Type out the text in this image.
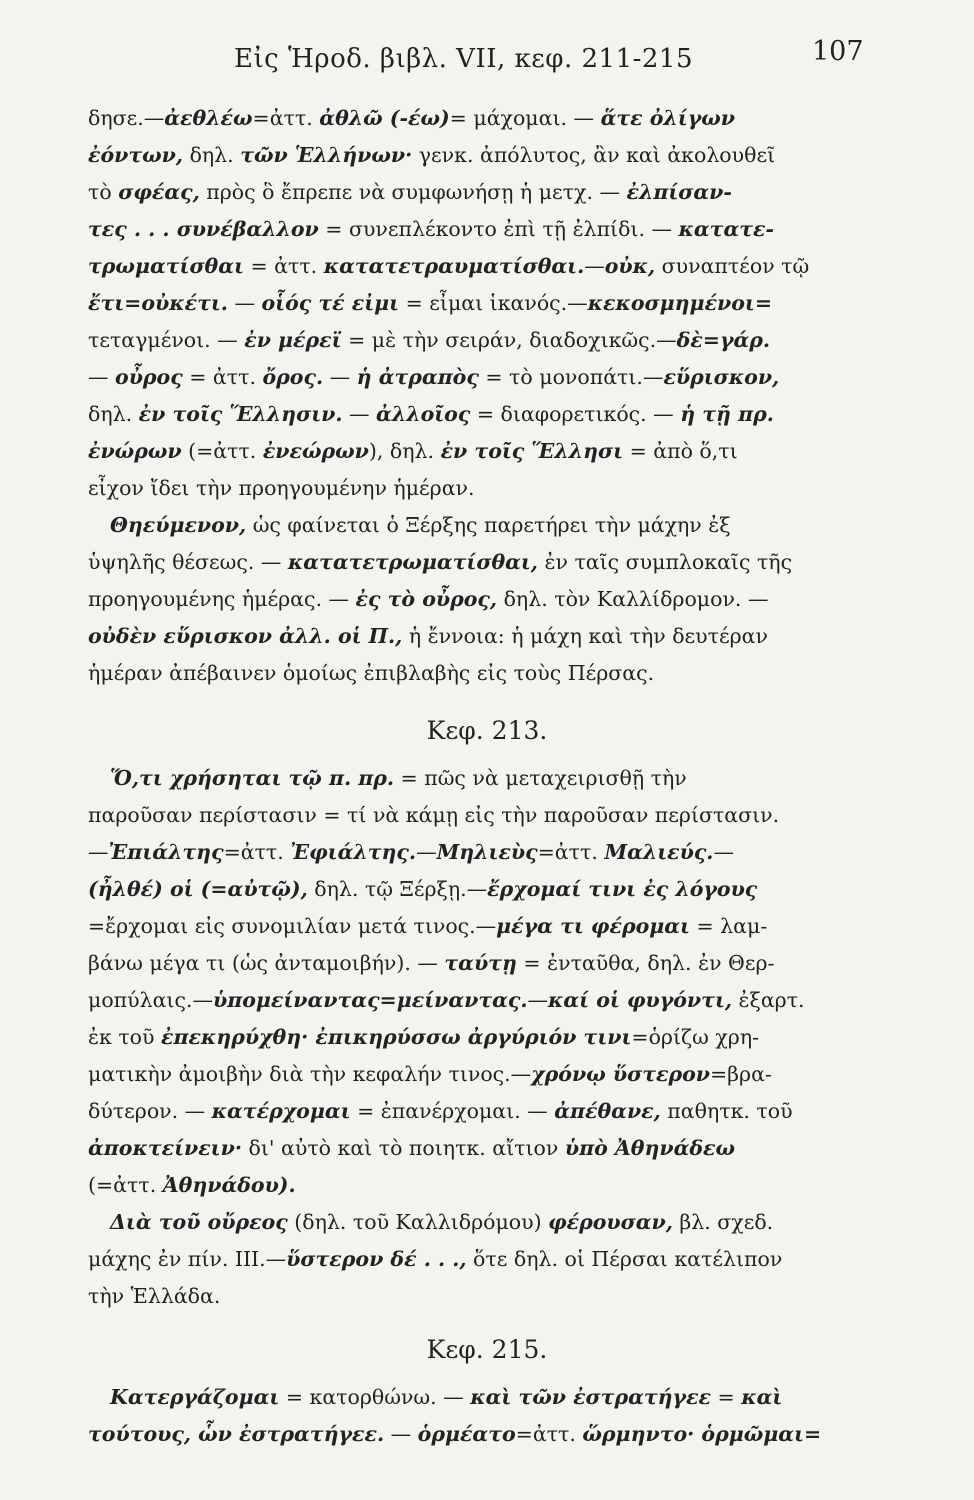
Εἰς Ἡροδ. βιβλ. VII, κεφ. 211-215	107
δησε.—ἀεθλέω=ἀττ. ἀθλῶ (-έω)= μάχομαι. — ἅτε ὀλίγων
ἐόντων, δηλ. τῶν Ἑλλήνων· γενκ. ἀπόλυτος, ἂν καὶ ἀκολουθεῖ
τὸ σφέας, πρὸς ὃ ἔπρεπε νὰ συμφωνήσῃ ἡ μετχ. — ἐλπίσαν-
τες . . . συνέβαλλον = συνεπλέκοντο ἐπὶ τῇ ἐλπίδι. — κατατε-
τρωματίσθαι = ἀττ. κατατετραυματίσθαι.—οὐκ, συναπτέον τῷ
ἔτι=οὐκέτι. — οἷός τέ εἰμι = εἶμαι ἱκανός.—κεκοσμημένοι=
τεταγμένοι. — ἐν μέρεϊ = μὲ τὴν σειράν, διαδοχικῶς.—δὲ=γάρ.
— οὖρος = ἀττ. ὄρος. — ἡ ἀτραπὸς = τὸ μονοπάτι.—εὕρισκον,
δηλ. ἐν τοῖς Ἕλλησιν. — ἀλλοῖος = διαφορετικός. — ἡ τῇ πρ.
ἐνώρων (=ἀττ. ἐνεώρων), δηλ. ἐν τοῖς Ἕλλησι = ἀπὸ ὅ,τι
εἶχον ἴδει τὴν προηγουμένην ἡμέραν.
Θηεύμενον, ὡς φαίνεται ὁ Ξέρξης παρετήρει τὴν μάχην ἐξ
ὑψηλῆς θέσεως. — κατατετρωματίσθαι, ἐν ταῖς συμπλοκαῖς τῆς
προηγουμένης ἡμέρας. — ἐς τὸ οὖρος, δηλ. τὸν Καλλίδρομον. —
οὐδὲν εὕρισκον ἀλλ. οἱ Π., ἡ ἔννοια: ἡ μάχη καὶ τὴν δευτέραν
ἡμέραν ἀπέβαινεν ὁμοίως ἐπιβλαβὴς εἰς τοὺς Πέρσας.
Κεφ. 213.
Ὅ,τι χρήσηται τῷ π. πρ. = πῶς νὰ μεταχειρισθῇ τὴν
παροῦσαν περίστασιν = τί νὰ κάμῃ εἰς τὴν παροῦσαν περίστασιν.
—Ἐπιάλτης=ἀττ. Ἐφιάλτης.—Μηλιεὺς=ἀττ. Μαλιεύς.—
(ἦλθέ) οἱ (=αὐτῷ), δηλ. τῷ Ξέρξῃ.—ἔρχομαί τινι ἐς λόγους
=ἔρχομαι εἰς συνομιλίαν μετά τινος.—μέγα τι φέρομαι = λαμ-
βάνω μέγα τι (ὡς ἀνταμοιβήν). — ταύτῃ = ἐνταῦθα, δηλ. ἐν Θερ-
μοπύλαις.—ὑπομείναντας=μείναντας.—καί οἱ φυγόντι, ἐξαρτ.
ἐκ τοῦ ἐπεκηρύχθη· ἐπικηρύσσω ἀργύριόν τινι=ὁρίζω χρη-
ματικὴν ἀμοιβὴν διὰ τὴν κεφαλήν τινος.—χρόνῳ ὕστερον=βρα-
δύτερον. — κατέρχομαι = ἐπανέρχομαι. — ἀπέθανε, παθητκ. τοῦ
ἀποκτείνειν· δι' αὐτὸ καὶ τὸ ποιητκ. αἴτιον ὑπὸ Ἀθηνάδεω
(=ἀττ. Ἀθηνάδου).
Διὰ τοῦ οὔρεος (δηλ. τοῦ Καλλιδρόμου) φέρουσαν, βλ. σχεδ.
μάχης ἐν πίν. III.—ὕστερον δέ . . ., ὅτε δηλ. οἱ Πέρσαι κατέλιπον
τὴν Ἑλλάδα.
Κεφ. 215.
Κατεργάζομαι = κατορθώνω. — καὶ τῶν ἐστρατήγεε = καὶ
τούτους, ὧν ἐστρατήγεε. — ὁρμέατο=ἀττ. ὥρμηντο· ὁρμῶμαι=
